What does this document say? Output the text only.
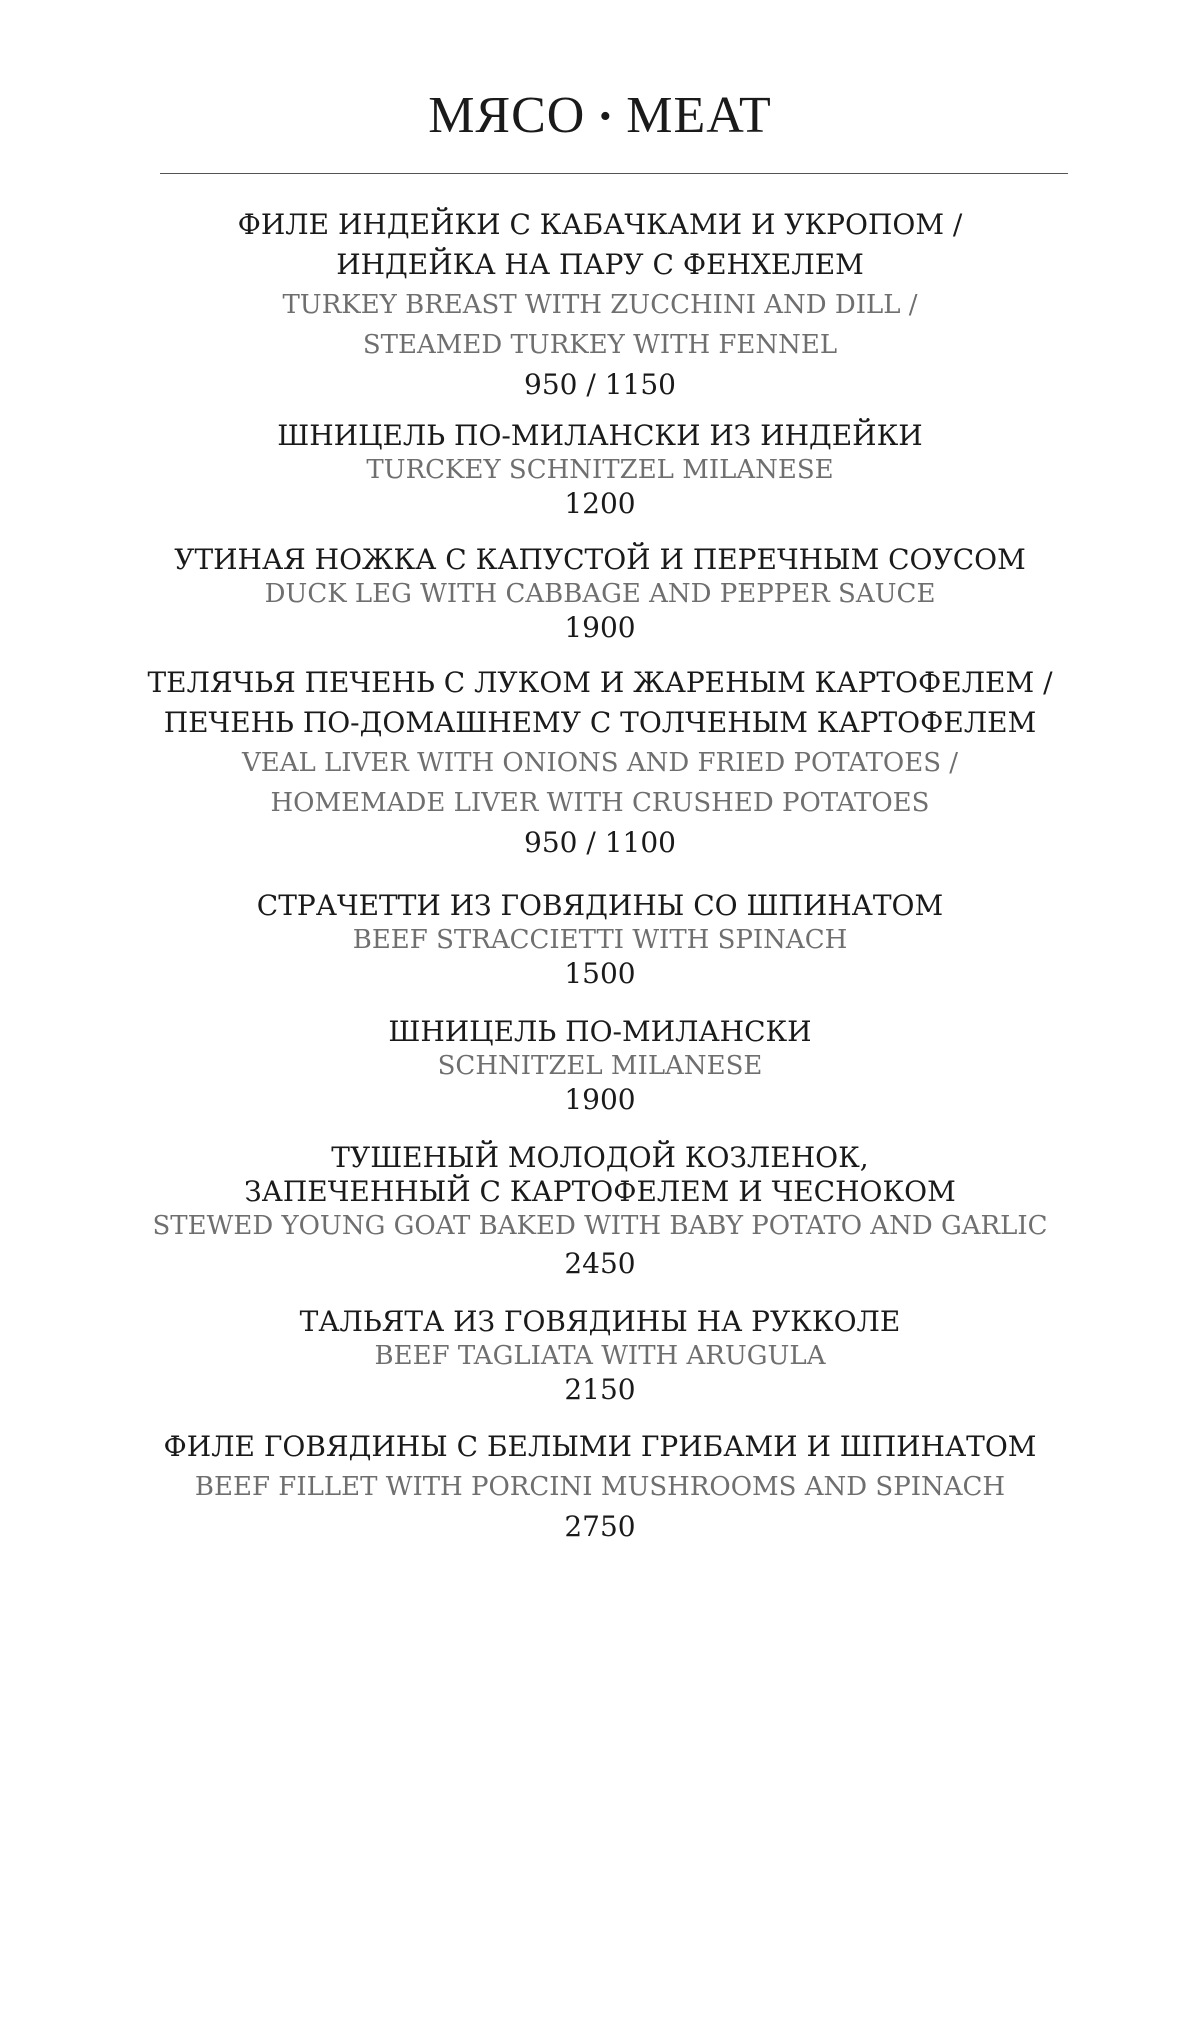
МЯСО • MEAT
ФИЛЕ ИНДЕЙКИ С КАБАЧКАМИ И УКРОПОМ /
ИНДЕЙКА НА ПАРУ С ФЕНХЕЛЕМ
TURKEY BREAST WITH ZUCCHINI AND DILL /
STEAMED TURKEY WITH FENNEL
950 / 1150
ШНИЦЕЛЬ ПО-МИЛАНСКИ ИЗ ИНДЕЙКИ
TURCKEY SCHNITZEL MILANESE
1200
УТИНАЯ НОЖКА С КАПУСТОЙ И ПЕРЕЧНЫМ СОУСОМ
DUCK LEG WITH CABBAGE AND PEPPER SAUCE
1900
ТЕЛЯЧЬЯ ПЕЧЕНЬ С ЛУКОМ И ЖАРЕНЫМ КАРТОФЕЛЕМ /
ПЕЧЕНЬ ПО-ДОМАШНЕМУ С ТОЛЧЕНЫМ КАРТОФЕЛЕМ
VEAL LIVER WITH ONIONS AND FRIED POTATOES /
HOMEMADE LIVER WITH CRUSHED POTATOES
950 / 1100
СТРАЧЕТТИ ИЗ ГОВЯДИНЫ СО ШПИНАТОМ
BEEF STRACCIETTI WITH SPINACH
1500
ШНИЦЕЛЬ ПО-МИЛАНСКИ
SCHNITZEL MILANESE
1900
ТУШЕНЫЙ МОЛОДОЙ КОЗЛЕНОК,
ЗАПЕЧЕННЫЙ С КАРТОФЕЛЕМ И ЧЕСНОКОМ
STEWED YOUNG GOAT BAKED WITH BABY POTATO AND GARLIC
2450
ТАЛЬЯТА ИЗ ГОВЯДИНЫ НА РУККОЛЕ
BEEF TAGLIATA WITH ARUGULA
2150
ФИЛЕ ГОВЯДИНЫ С БЕЛЫМИ ГРИБАМИ И ШПИНАТОМ
BEEF FILLET WITH PORCINI MUSHROOMS AND SPINACH
2750
